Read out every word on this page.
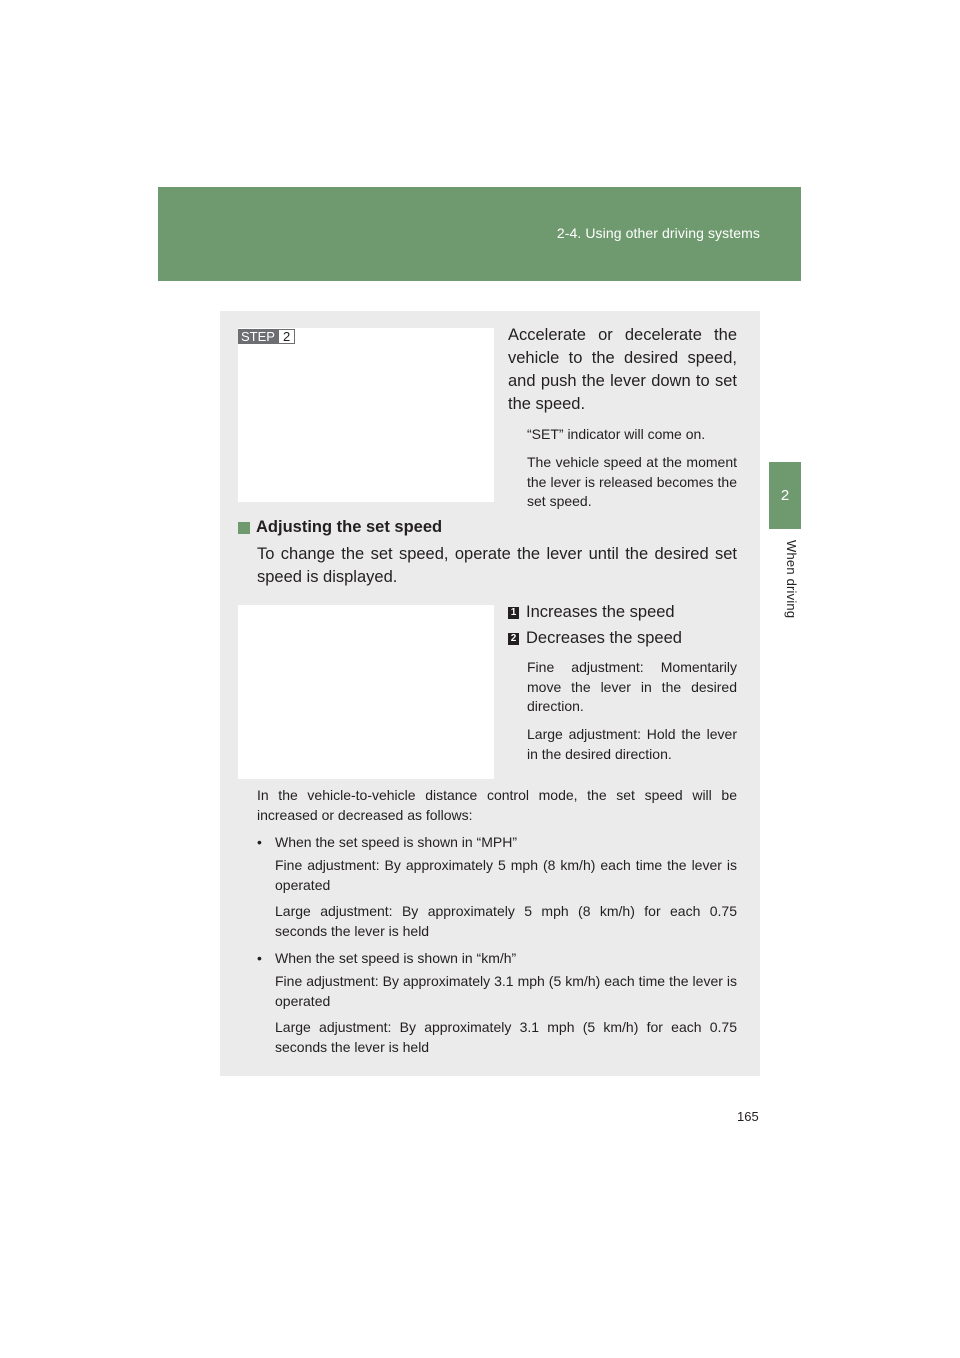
2-4. Using other driving systems
2
When driving
STEP 2	Accelerate or decelerate the vehicle to the desired speed, and push the lever down to set the speed.
“SET” indicator will come on.
The vehicle speed at the moment the lever is released becomes the set speed.
Adjusting the set speed
To change the set speed, operate the lever until the desired set speed is displayed.
1 Increases the speed
2 Decreases the speed
Fine adjustment: Momentarily move the lever in the desired direction.
Large adjustment: Hold the lever in the desired direction.
In the vehicle-to-vehicle distance control mode, the set speed will be increased or decreased as follows:
• When the set speed is shown in “MPH”
Fine adjustment: By approximately 5 mph (8 km/h) each time the lever is operated
Large adjustment: By approximately 5 mph (8 km/h) for each 0.75 seconds the lever is held
• When the set speed is shown in “km/h”
Fine adjustment: By approximately 3.1 mph (5 km/h) each time the lever is operated
Large adjustment: By approximately 3.1 mph (5 km/h) for each 0.75 seconds the lever is held
165
